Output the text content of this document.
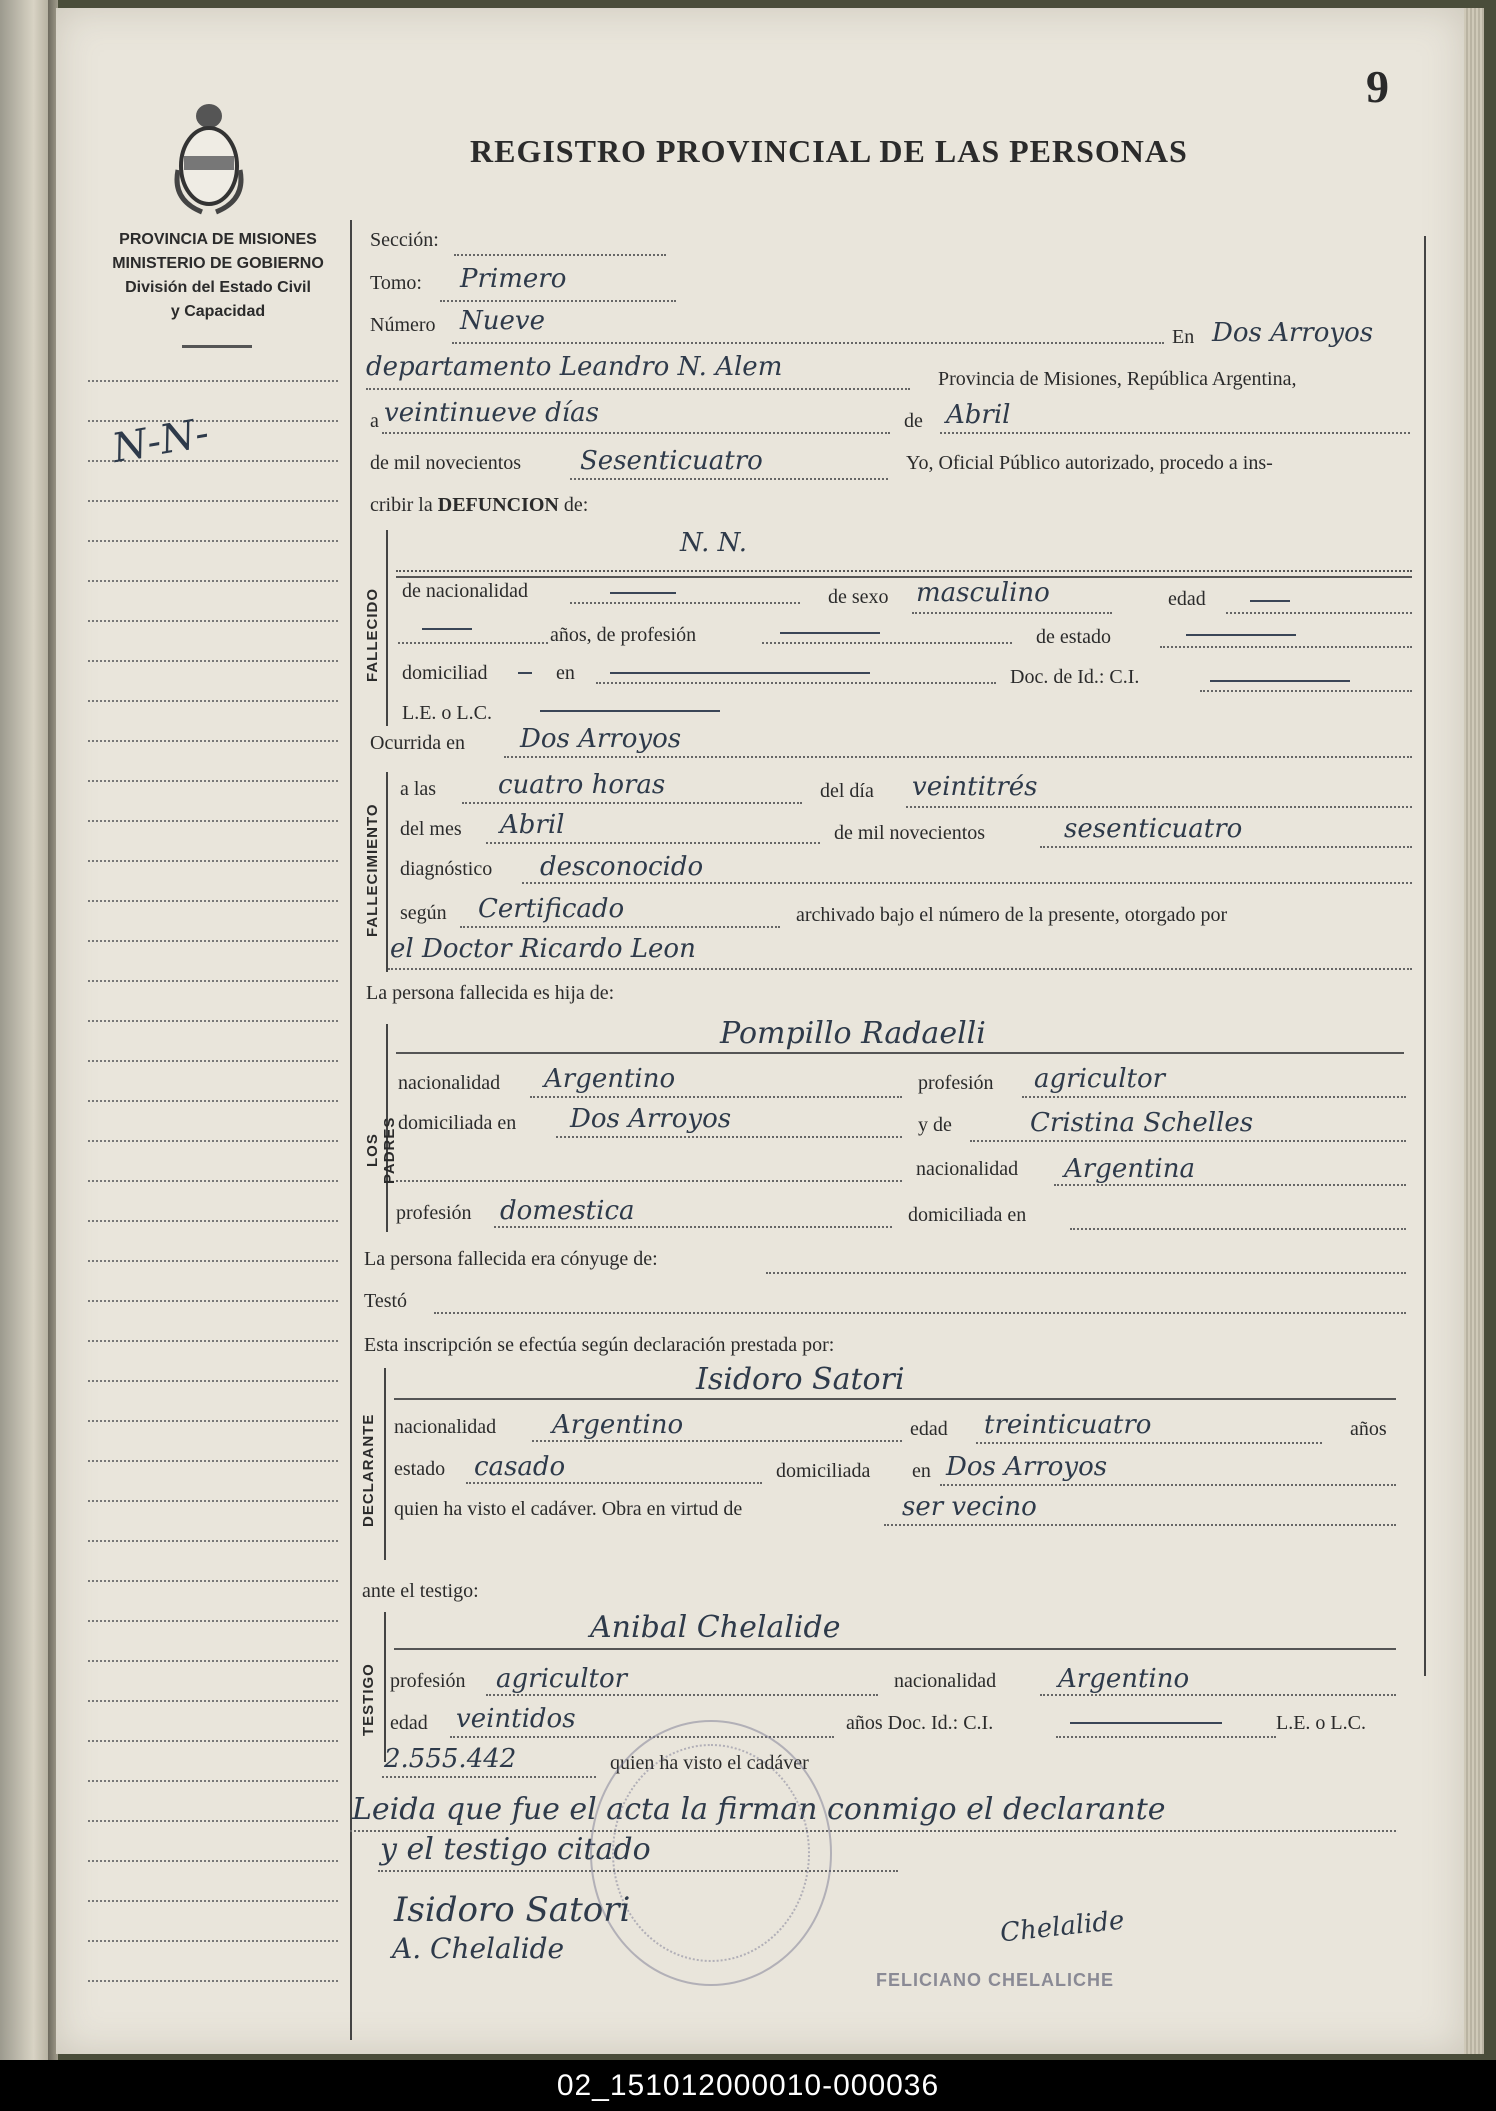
9
REGISTRO PROVINCIAL DE LAS PERSONAS
PROVINCIA DE MISIONES
MINISTERIO DE GOBIERNO
División del Estado Civil
y Capacidad
N-N-
Sección:
Tomo: Primero
Número Nueve
En Dos Arroyos
departamento Leandro N. Alem	Provincia de Misiones, República Argentina,
a veintinueve días	de Abril
de mil novecientos Sesenticuatro	Yo, Oficial Público autorizado, procedo a ins-
cribir la DEFUNCION de:
FALLECIDO
N. N.
de nacionalidad	de sexo masculino	edad
años, de profesión	de estado
domiciliad	en	Doc. de Id.: C.I.
L.E. o L.C.
Ocurrida en Dos Arroyos
FALLECIMIENTO
a las cuatro horas	del día veintitrés
del mes Abril	de mil novecientos	sesenticuatro
diagnóstico desconocido
según Certificado	archivado bajo el número de la presente, otorgado por
el Doctor Ricardo Leon
La persona fallecida es hija de:
LOS PADRES
Pompillo Radaelli
nacionalidad Argentino	profesión agricultor
domiciliada en Dos Arroyos	y de	Cristina Schelles
nacionalidad Argentina
profesión domestica	domiciliada en
La persona fallecida era cónyuge de:
Testó
Esta inscripción se efectúa según declaración prestada por:
DECLARANTE
Isidoro Satori
nacionalidad Argentino	edad treinticuatro	años
estado casado	domiciliada en Dos Arroyos
quien ha visto el cadáver. Obra en virtud de	ser vecino
ante el testigo:
TESTIGO
Anibal Chelalide
profesión agricultor	nacionalidad Argentino
edad veintidos	años Doc. Id.: C.I.	L.E. o L.C.
2.555.442	quien ha visto el cadáver
Leida que fue el acta la firman conmigo el declarante
y el testigo citado
FELICIANO CHELALICHE
Isidoro Satori
A. Chelalide
Chelalide
02_151012000010-000036
